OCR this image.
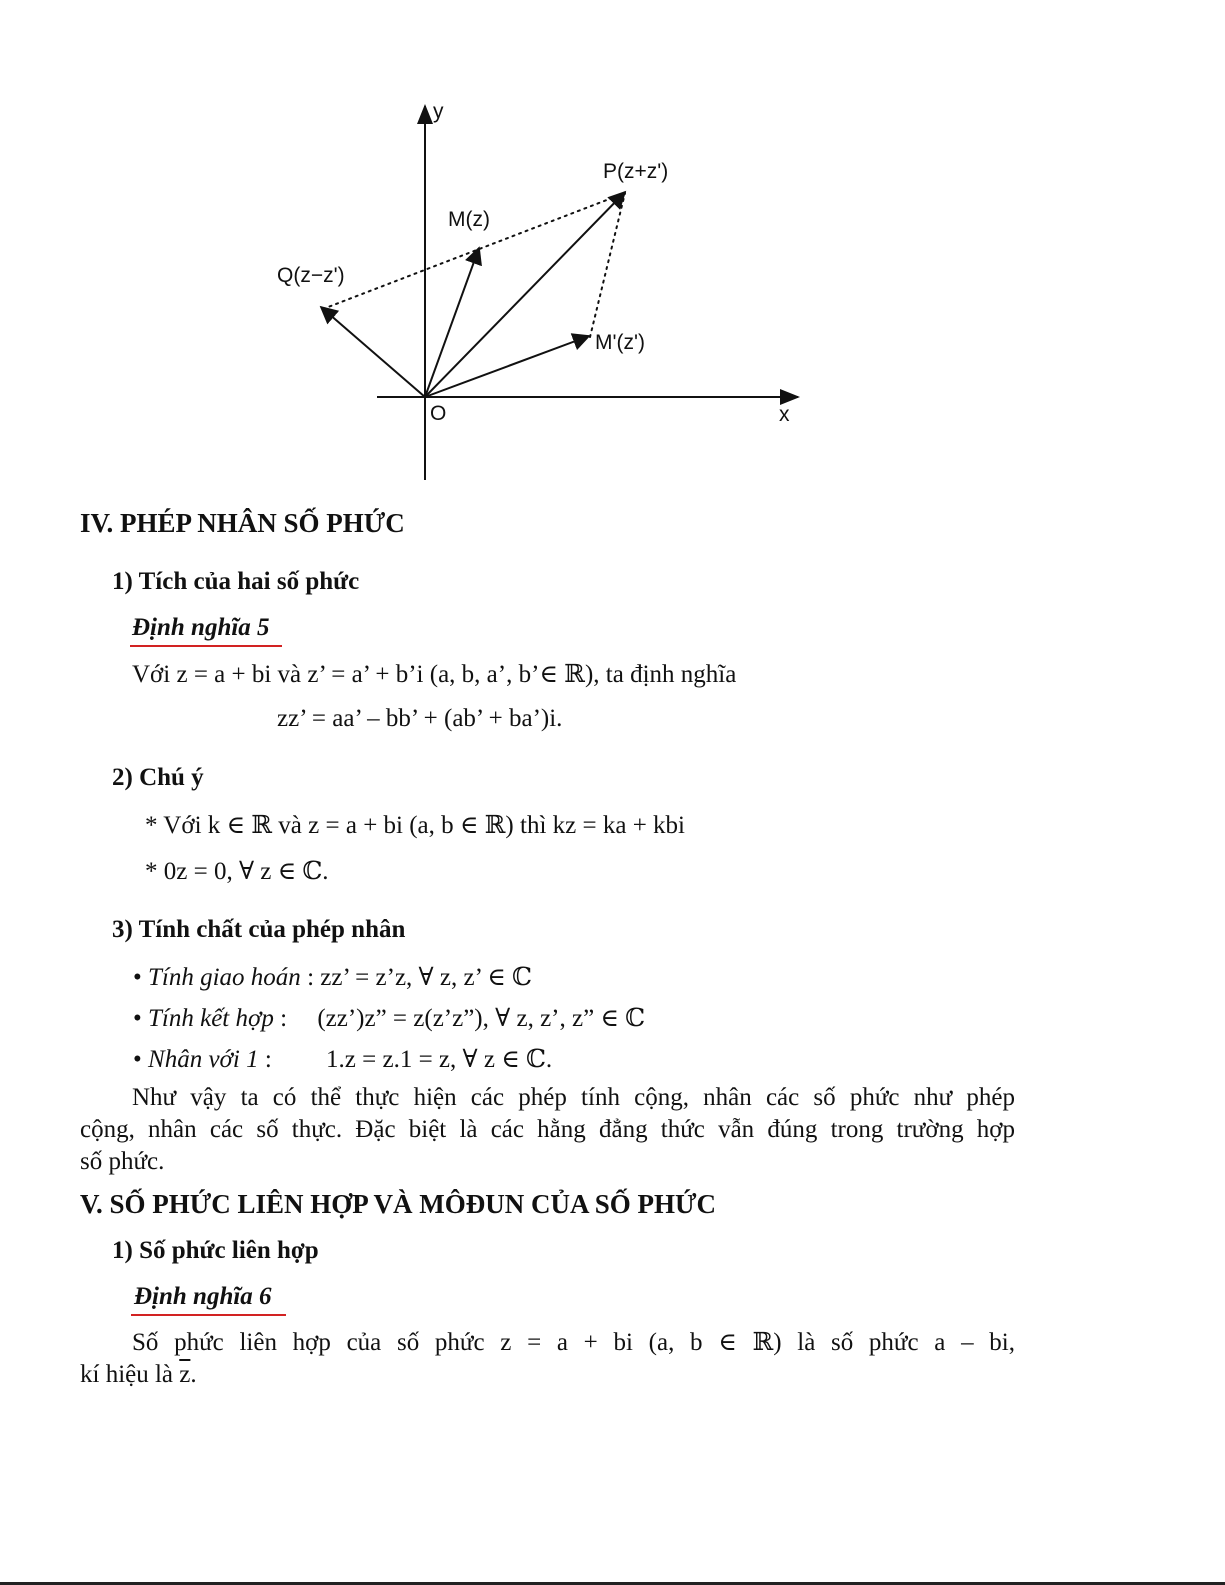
y
x
O
P(z+z')
M(z)
Q(z−z')
M'(z')
IV. PHÉP NHÂN SỐ PHỨC
1) Tích của hai số phức
Định nghĩa 5
Với z = a + bi và z’ = a’ + b’i (a, b, a’, b’∈ ℝ), ta định nghĩa
zz’ = aa’ – bb’ + (ab’ + ba’)i.
2) Chú ý
* Với k ∈ ℝ và z = a + bi (a, b ∈ ℝ) thì kz = ka + kbi
* 0z = 0, ∀ z ∈ ℂ.
3) Tính chất của phép nhân
• Tính giao hoán : zz’ = z’z, ∀ z, z’ ∈ ℂ
• Tính kết hợp : (zz’)z” = z(z’z”), ∀ z, z’, z” ∈ ℂ
• Nhân với 1 : 1.z = z.1 = z, ∀ z ∈ ℂ.
Như vậy ta có thể thực hiện các phép tính cộng, nhân các số phức như phép
cộng, nhân các số thực. Đặc biệt là các hằng đẳng thức vẫn đúng trong trường hợp
số phức.
V. SỐ PHỨC LIÊN HỢP VÀ MÔĐUN CỦA SỐ PHỨC
1) Số phức liên hợp
Định nghĩa 6
Số phức liên hợp của số phức z = a + bi (a, b ∈ ℝ) là số phức a – bi,
kí hiệu là $\overline{z}$.
